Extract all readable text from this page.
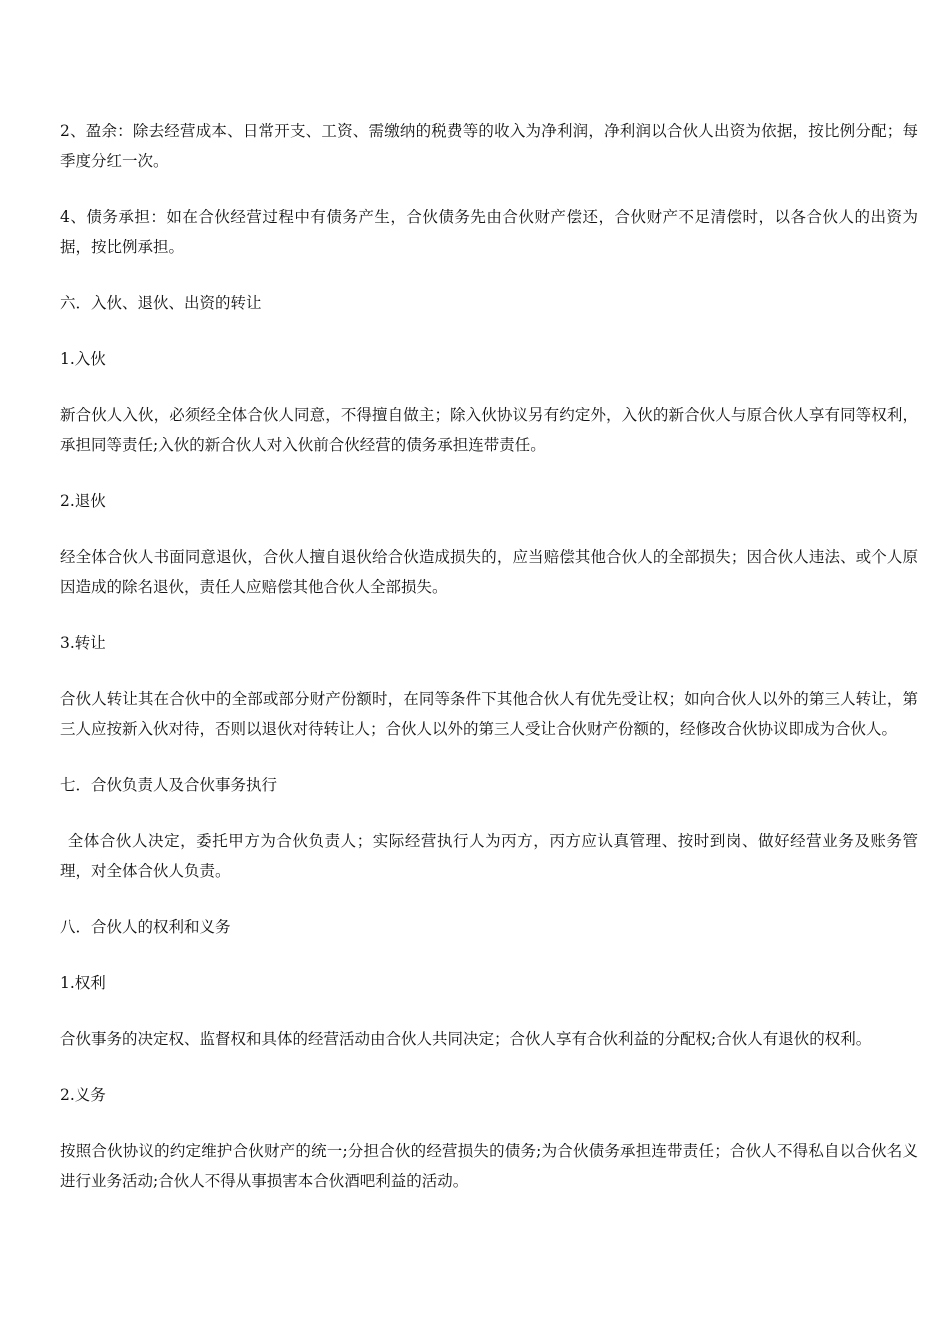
2、盈余：除去经营成本、日常开支、工资、需缴纳的税费等的收入为净利润，净利润以合伙人出资为依据，按比例分配；每季度分红一次。

4、债务承担：如在合伙经营过程中有债务产生，合伙债务先由合伙财产偿还，合伙财产不足清偿时，以各合伙人的出资为据，按比例承担。

六．入伙、退伙、出资的转让

1.入伙

新合伙人入伙，必须经全体合伙人同意，不得擅自做主；除入伙协议另有约定外，入伙的新合伙人与原合伙人享有同等权利，承担同等责任;入伙的新合伙人对入伙前合伙经营的债务承担连带责任。

2.退伙

经全体合伙人书面同意退伙，合伙人擅自退伙给合伙造成损失的，应当赔偿其他合伙人的全部损失；因合伙人违法、或个人原因造成的除名退伙，责任人应赔偿其他合伙人全部损失。

3.转让

合伙人转让其在合伙中的全部或部分财产份额时，在同等条件下其他合伙人有优先受让权；如向合伙人以外的第三人转让，第三人应按新入伙对待，否则以退伙对待转让人；合伙人以外的第三人受让合伙财产份额的，经修改合伙协议即成为合伙人。

七．合伙负责人及合伙事务执行

全体合伙人决定，委托甲方为合伙负责人；实际经营执行人为丙方，丙方应认真管理、按时到岗、做好经营业务及账务管理，对全体合伙人负责。

八．合伙人的权利和义务

1.权利

合伙事务的决定权、监督权和具体的经营活动由合伙人共同决定；合伙人享有合伙利益的分配权;合伙人有退伙的权利。

2.义务

按照合伙协议的约定维护合伙财产的统一;分担合伙的经营损失的债务;为合伙债务承担连带责任；合伙人不得私自以合伙名义进行业务活动;合伙人不得从事损害本合伙酒吧利益的活动。
